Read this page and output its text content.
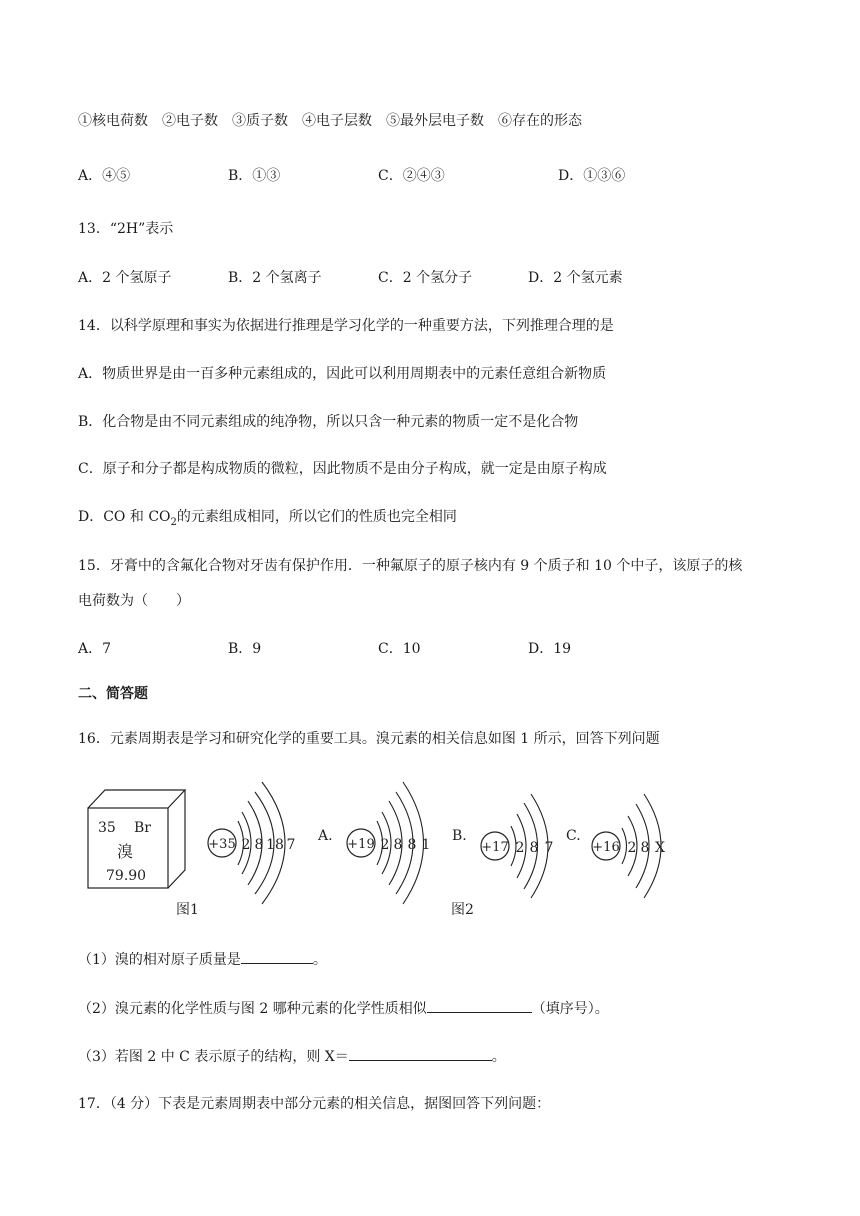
①核电荷数　②电子数　③质子数　④电子层数　⑤最外层电子数　⑥存在的形态
A．④⑤	B．①③	C．②④③	D．①③⑥
13．“2H”表示
A．2 个氢原子	B．2 个氢离子	C．2 个氢分子	D．2 个氢元素
14．以科学原理和事实为依据进行推理是学习化学的一种重要方法，下列推理合理的是
A．物质世界是由一百多种元素组成的，因此可以利用周期表中的元素任意组合新物质
B．化合物是由不同元素组成的纯净物，所以只含一种元素的物质一定不是化合物
C．原子和分子都是构成物质的微粒，因此物质不是由分子构成，就一定是由原子构成
D．CO 和 $CO_2$的元素组成相同，所以它们的性质也完全相同
15．牙膏中的含氟化合物对牙齿有保护作用．一种氟原子的原子核内有 9 个质子和 10 个中子，该原子的核
电荷数为（　　）
A．7	B．9	C．10	D．19
二、简答题
16．元素周期表是学习和研究化学的重要工具。溴元素的相关信息如图 1 所示，回答下列问题
35 Br
溴
79.90
图1
+35 2 8 18 7
A.
+19 2 8 8 1
B.
+17 2 8 7
图2
C.
+16 2 8 X
（1）溴的相对原子质量是	。
（2）溴元素的化学性质与图 2 哪种元素的化学性质相似	（填序号）。
（3）若图 2 中 C 表示原子的结构，则 X＝	。
17．（4 分）下表是元素周期表中部分元素的相关信息，据图回答下列问题：
